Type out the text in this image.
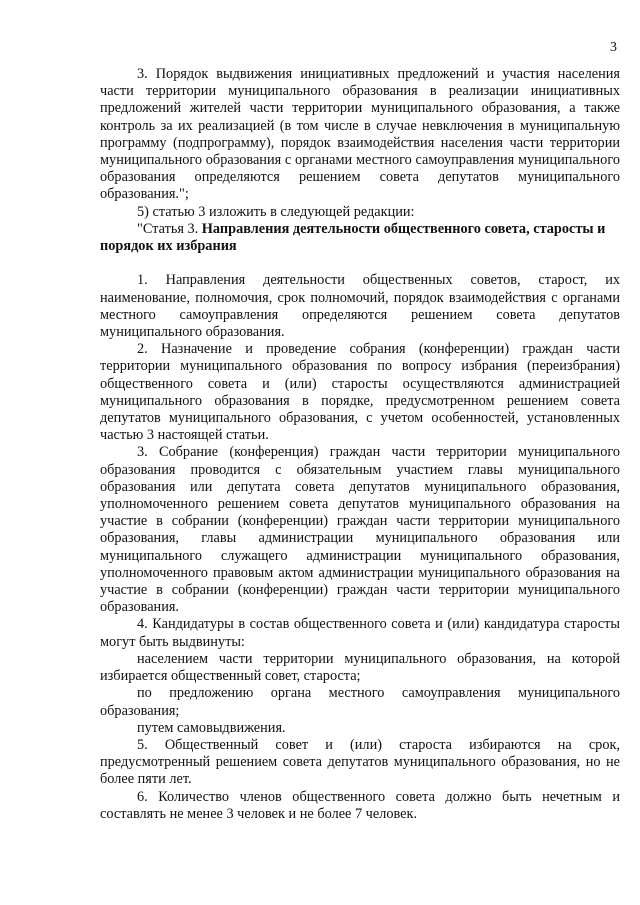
3

3. Порядок выдвижения инициативных предложений и участия населения части территории муниципального образования в реализации инициативных предложений жителей части территории муниципального образования, а также контроль за их реализацией (в том числе в случае невключения в муниципальную программу (подпрограмму), порядок взаимодействия населения части территории муниципального образования с органами местного самоуправления муниципального образования определяются решением совета депутатов муниципального образования.";

5) статью 3 изложить в следующей редакции:

"Статья 3. Направления деятельности общественного совета, старосты и порядок их избрания

1. Направления деятельности общественных советов, старост, их наименование, полномочия, срок полномочий, порядок взаимодействия с органами местного самоуправления определяются решением совета депутатов муниципального образования.

2. Назначение и проведение собрания (конференции) граждан части территории муниципального образования по вопросу избрания (переизбрания) общественного совета и (или) старосты осуществляются администрацией муниципального образования в порядке, предусмотренном решением совета депутатов муниципального образования, с учетом особенностей, установленных частью 3 настоящей статьи.

3. Собрание (конференция) граждан части территории муниципального образования проводится с обязательным участием главы муниципального образования или депутата совета депутатов муниципального образования, уполномоченного решением совета депутатов муниципального образования на участие в собрании (конференции) граждан части территории муниципального образования, главы администрации муниципального образования или муниципального служащего администрации муниципального образования, уполномоченного правовым актом администрации муниципального образования на участие в собрании (конференции) граждан части территории муниципального образования.

4. Кандидатуры в состав общественного совета и (или) кандидатура старосты могут быть выдвинуты:

населением части территории муниципального образования, на которой избирается общественный совет, староста;

по предложению органа местного самоуправления муниципального образования;

путем самовыдвижения.

5. Общественный совет и (или) староста избираются на срок, предусмотренный решением совета депутатов муниципального образования, но не более пяти лет.

6. Количество членов общественного совета должно быть нечетным и составлять не менее 3 человек и не более 7 человек.
